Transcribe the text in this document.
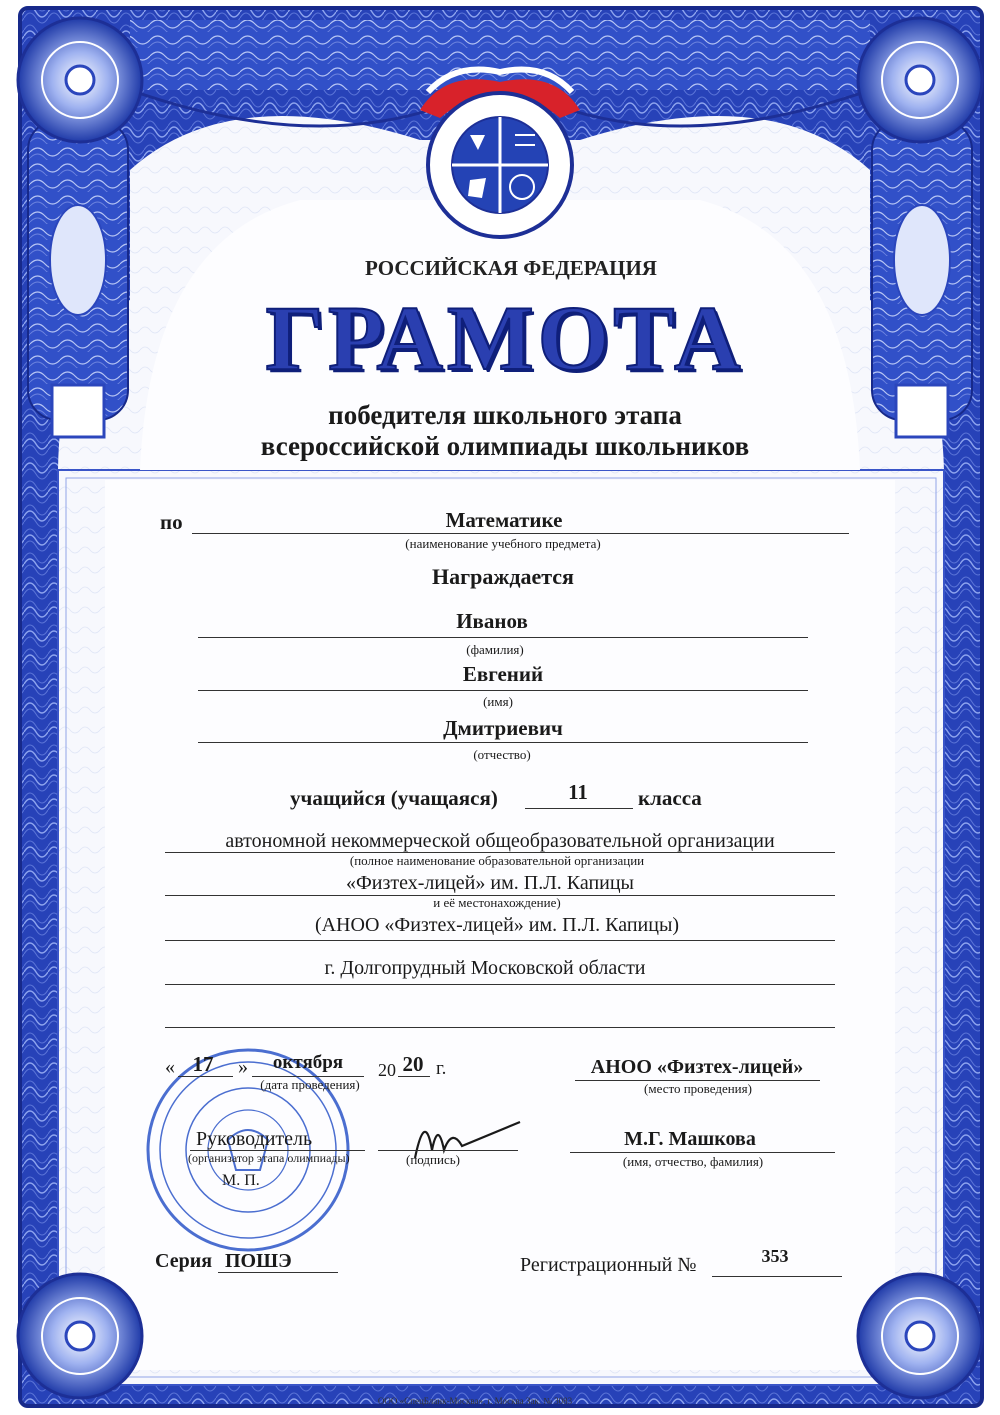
РОССИЙСКАЯ ФЕДЕРАЦИЯ
ГРАМОТА
победителя школьного этапа
всероссийской олимпиады школьников
по	Математике
(наименование учебного предмета)
Награждается
Иванов
(фамилия)
Евгений
(имя)
Дмитриевич
(отчество)
учащийся (учащаяся)	11 класса
автономной некоммерческой общеобразовательной организации
(полное наименование образовательной организации
«Физтех-лицей» им. П.Л. Капицы
и её местонахождение)
(АНОО «Физтех-лицей» им. П.Л. Капицы)
г. Долгопрудный Московской области
« 17 » октября 20 20 г.
(дата проведения)
АНОО «Физтех-лицей»
(место проведения)
Руководитель
(организатор этапа олимпиады)	(подпись)
М.Г. Машкова
(имя, отчество, фамилия)
М. П.
Серия ПОШЭ	Регистрационный №	353
ООО «СпецБланк-Москва», г. Москва Зак. № 3083
